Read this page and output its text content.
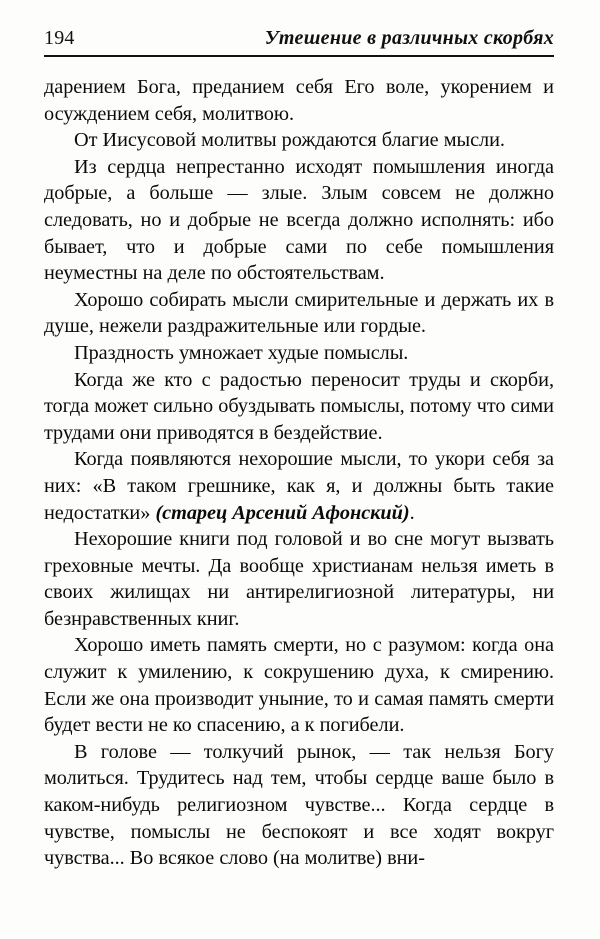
194	Утешение в различных скорбях

дарением Бога, преданием себя Его воле, укорением и осуждением себя, молитвою.

От Иисусовой молитвы рождаются благие мысли.

Из сердца непрестанно исходят помышления иногда добрые, а больше — злые. Злым совсем не должно следовать, но и добрые не всегда должно исполнять: ибо бывает, что и добрые сами по себе помышления неуместны на деле по обстоятельствам.

Хорошо собирать мысли смирительные и держать их в душе, нежели раздражительные или гордые.

Праздность умножает худые помыслы.

Когда же кто с радостью переносит труды и скорби, тогда может сильно обуздывать помыслы, потому что сими трудами они приводятся в бездействие.

Когда появляются нехорошие мысли, то укори себя за них: «В таком грешнике, как я, и должны быть такие недостатки» (старец Арсений Афонский).

Нехорошие книги под головой и во сне могут вызвать греховные мечты. Да вообще христианам нельзя иметь в своих жилищах ни антирелигиозной литературы, ни безнравственных книг.

Хорошо иметь память смерти, но с разумом: когда она служит к умилению, к сокрушению духа, к смирению. Если же она производит уныние, то и самая память смерти будет вести не ко спасению, а к погибели.

В голове — толкучий рынок, — так нельзя Богу молиться. Трудитесь над тем, чтобы сердце ваше было в каком-нибудь религиозном чувстве... Когда сердце в чувстве, помыслы не беспокоят и все ходят вокруг чувства... Во всякое слово (на молитве) вни-
